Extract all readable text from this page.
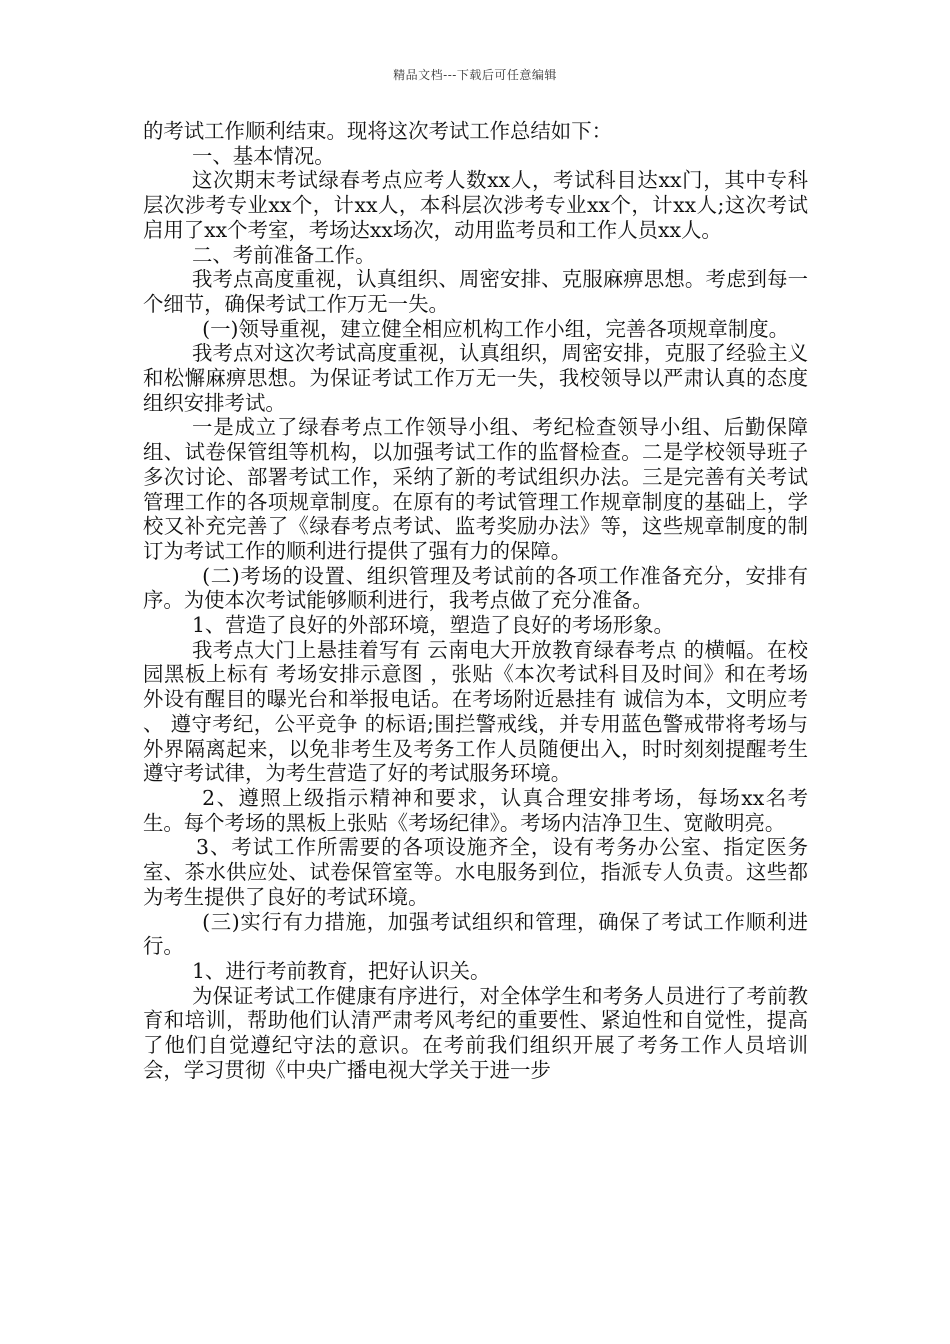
精品文档---下载后可任意编辑

的考试工作顺利结束。现将这次考试工作总结如下：

一、基本情况。

这次期末考试绿春考点应考人数xx人，考试科目达xx门，其中专科层次涉考专业xx个，计xx人，本科层次涉考专业xx个，计xx人;这次考试启用了xx个考室，考场达xx场次，动用监考员和工作人员xx人。

二、考前准备工作。

我考点高度重视，认真组织、周密安排、克服麻痹思想。考虑到每一个细节，确保考试工作万无一失。

(一)领导重视，建立健全相应机构工作小组，完善各项规章制度。

我考点对这次考试高度重视，认真组织，周密安排，克服了经验主义和松懈麻痹思想。为保证考试工作万无一失，我校领导以严肃认真的态度组织安排考试。

一是成立了绿春考点工作领导小组、考纪检查领导小组、后勤保障组、试卷保管组等机构，以加强考试工作的监督检查。二是学校领导班子多次讨论、部署考试工作，采纳了新的考试组织办法。三是完善有关考试管理工作的各项规章制度。在原有的考试管理工作规章制度的基础上，学校又补充完善了《绿春考点考试、监考奖励办法》等，这些规章制度的制订为考试工作的顺利进行提供了强有力的保障。

(二)考场的设置、组织管理及考试前的各项工作准备充分，安排有序。为使本次考试能够顺利进行，我考点做了充分准备。

1、营造了良好的外部环境，塑造了良好的考场形象。

我考点大门上悬挂着写有 云南电大开放教育绿春考点 的横幅。在校园黑板上标有 考场安排示意图 ，张贴《本次考试科目及时间》和在考场外设有醒目的曝光台和举报电话。在考场附近悬挂有 诚信为本，文明应考 、 遵守考纪，公平竞争 的标语;围拦警戒线，并专用蓝色警戒带将考场与外界隔离起来，以免非考生及考务工作人员随便出入，时时刻刻提醒考生遵守考试律，为考生营造了好的考试服务环境。

2、遵照上级指示精神和要求，认真合理安排考场，每场xx名考生。每个考场的黑板上张贴《考场纪律》。考场内洁净卫生、宽敞明亮。

3、考试工作所需要的各项设施齐全，设有考务办公室、指定医务室、茶水供应处、试卷保管室等。水电服务到位，指派专人负责。这些都为考生提供了良好的考试环境。

(三)实行有力措施，加强考试组织和管理，确保了考试工作顺利进行。

1、进行考前教育，把好认识关。

为保证考试工作健康有序进行，对全体学生和考务人员进行了考前教育和培训，帮助他们认清严肃考风考纪的重要性、紧迫性和自觉性，提高了他们自觉遵纪守法的意识。在考前我们组织开展了考务工作人员培训会，学习贯彻《中央广播电视大学关于进一步
